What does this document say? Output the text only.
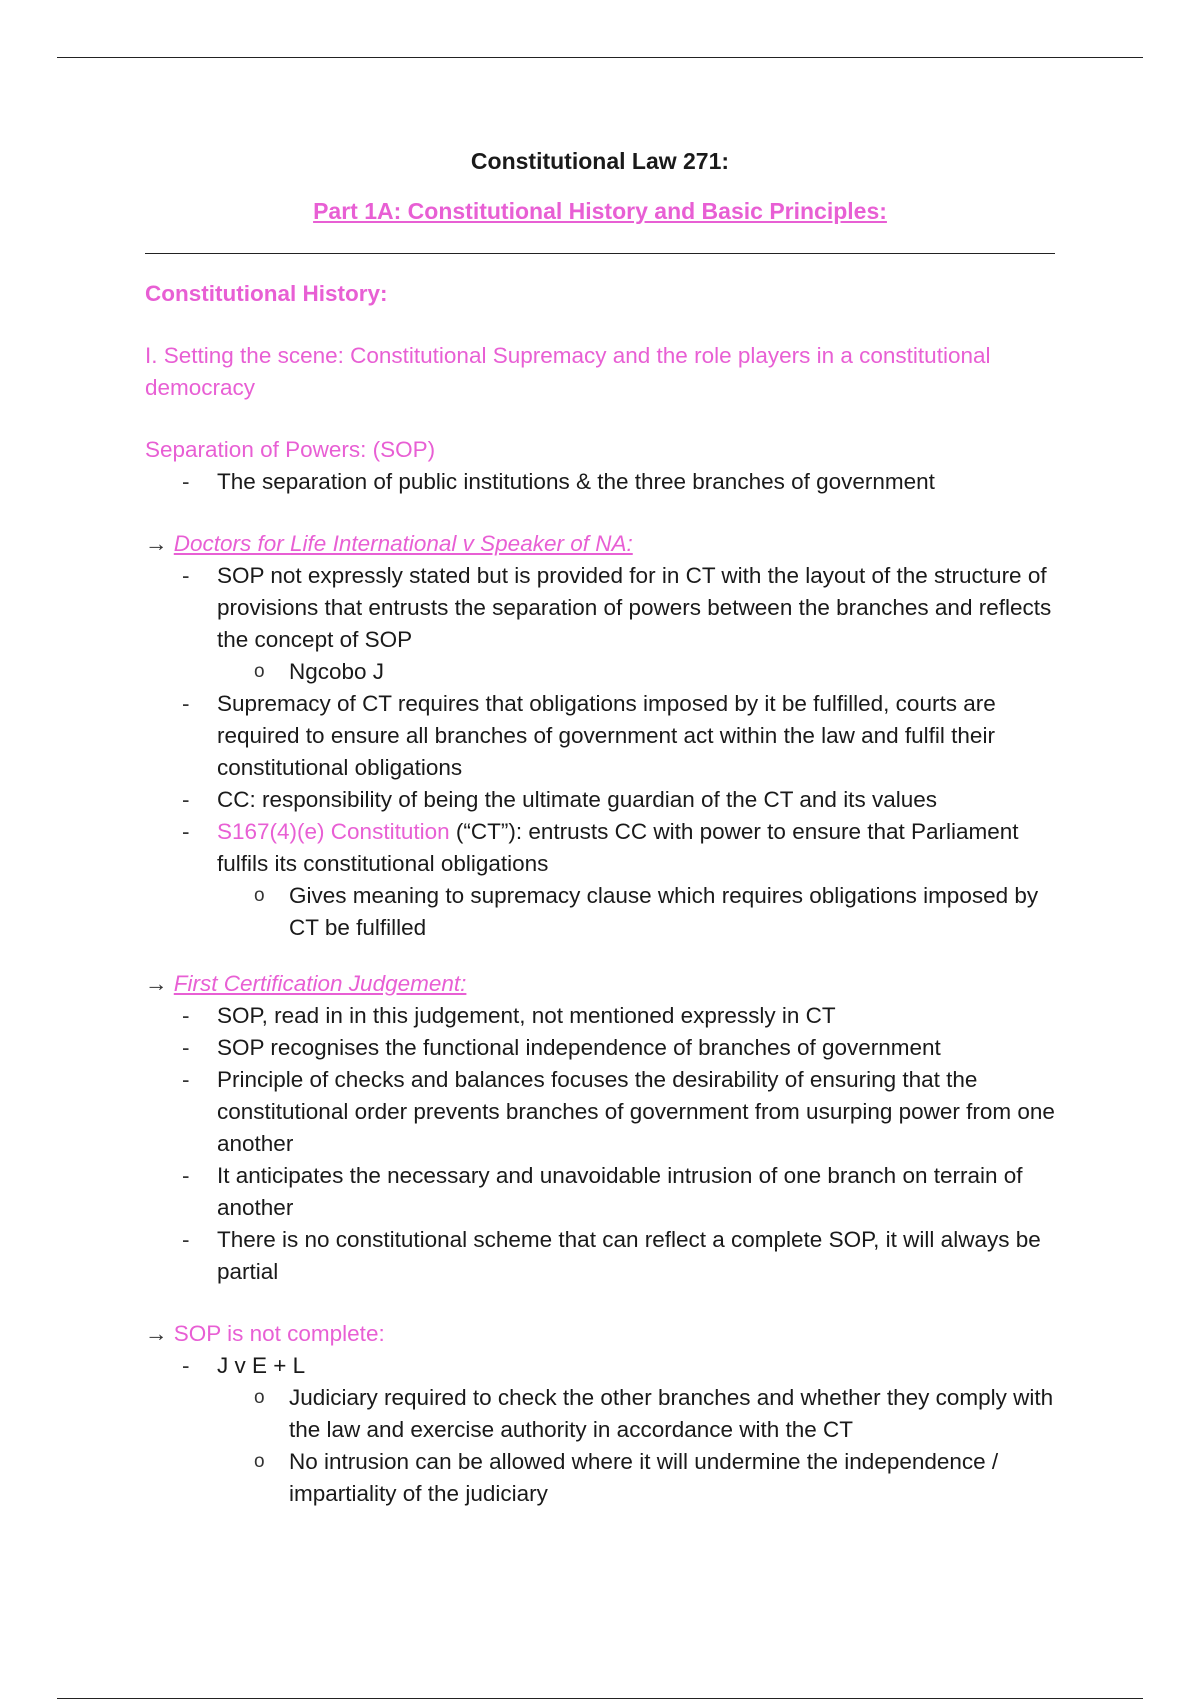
Constitutional Law 271:

Part 1A: Constitutional History and Basic Principles:

Constitutional History:
I. Setting the scene: Constitutional Supremacy and the role players in a constitutional democracy
Separation of Powers: (SOP)
- The separation of public institutions & the three branches of government
→ Doctors for Life International v Speaker of NA:
- SOP not expressly stated but is provided for in CT with the layout of the structure of provisions that entrusts the separation of powers between the branches and reflects the concept of SOP
o Ngcobo J
- Supremacy of CT requires that obligations imposed by it be fulfilled, courts are required to ensure all branches of government act within the law and fulfil their constitutional obligations
- CC: responsibility of being the ultimate guardian of the CT and its values
- S167(4)(e) Constitution (“CT”): entrusts CC with power to ensure that Parliament fulfils its constitutional obligations
o Gives meaning to supremacy clause which requires obligations imposed by CT be fulfilled
→ First Certification Judgement:
- SOP, read in in this judgement, not mentioned expressly in CT
- SOP recognises the functional independence of branches of government
- Principle of checks and balances focuses the desirability of ensuring that the constitutional order prevents branches of government from usurping power from one another
- It anticipates the necessary and unavoidable intrusion of one branch on terrain of another
- There is no constitutional scheme that can reflect a complete SOP, it will always be partial
→ SOP is not complete:
- J v E + L
o Judiciary required to check the other branches and whether they comply with the law and exercise authority in accordance with the CT
o No intrusion can be allowed where it will undermine the independence / impartiality of the judiciary
